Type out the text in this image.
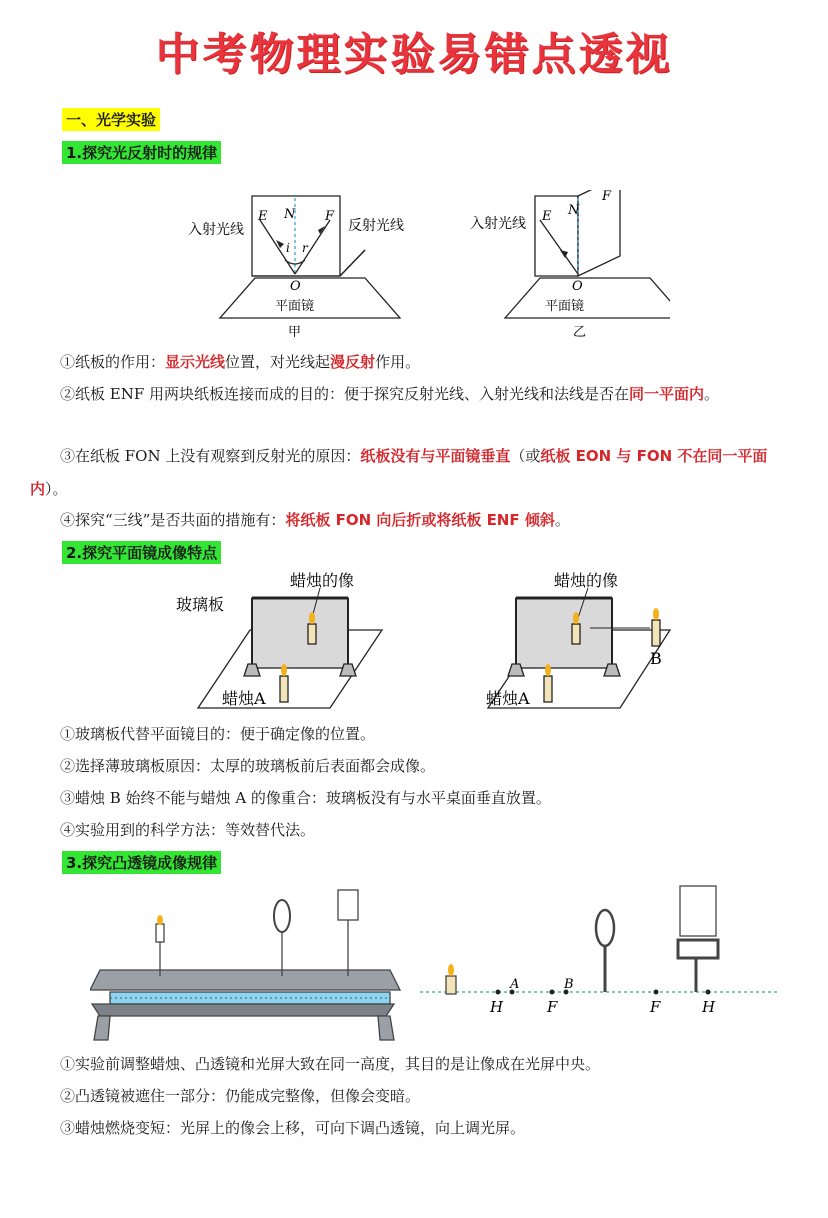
中考物理实验易错点透视
一、光学实验
1.探究光反射时的规律
入射光线	反射光线
E N F
i r
O
平面镜
甲
入射光线 E N
F
O
平面镜
乙
①纸板的作用：显示光线位置，对光线起漫反射作用。
②纸板 ENF 用两块纸板连接而成的目的：便于探究反射光线、入射光线和法线是否在同一平面内。
③在纸板 FON 上没有观察到反射光的原因：纸板没有与平面镜垂直（或纸板 EON 与 FON 不在同一平面内）。
④探究“三线”是否共面的措施有：将纸板 FON 向后折或将纸板 ENF 倾斜。
2.探究平面镜成像特点
玻璃板
蜡烛的像
蜡烛A
蜡烛的像
蜡烛A
B
①玻璃板代替平面镜目的：便于确定像的位置。
②选择薄玻璃板原因：太厚的玻璃板前后表面都会成像。
③蜡烛 B 始终不能与蜡烛 A 的像重合：玻璃板没有与水平桌面垂直放置。
④实验用到的科学方法：等效替代法。
3.探究凸透镜成像规律
H
A
F
B
F	H
①实验前调整蜡烛、凸透镜和光屏大致在同一高度，其目的是让像成在光屏中央。
②凸透镜被遮住一部分：仍能成完整像，但像会变暗。
③蜡烛燃烧变短：光屏上的像会上移，可向下调凸透镜，向上调光屏。
